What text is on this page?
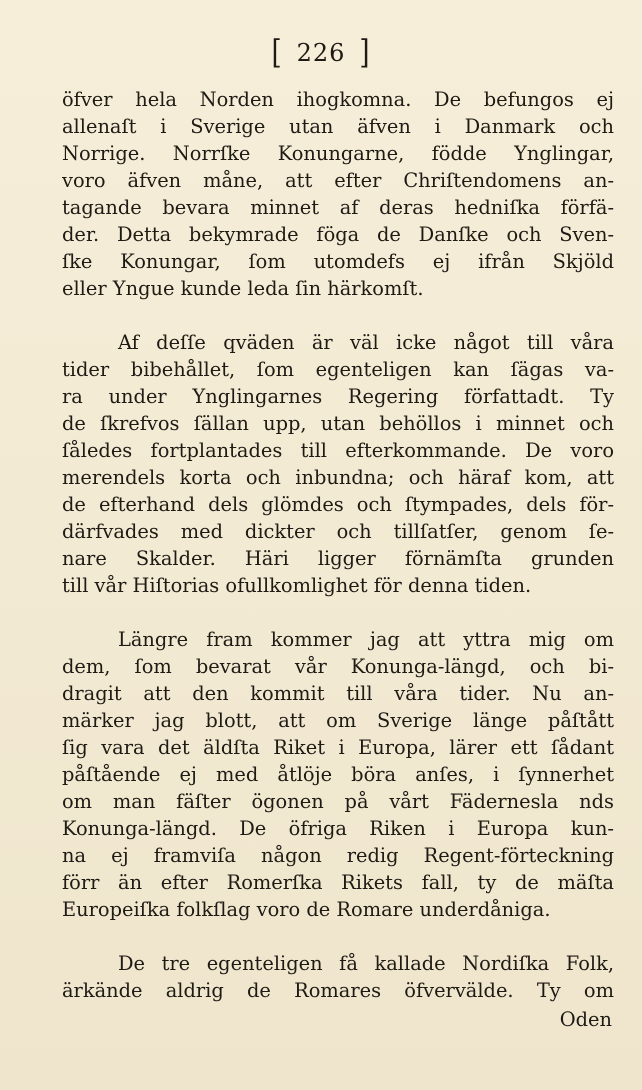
[ 226 ]
öfver hela Norden ihogkomna. De befungos ej
allenaſt i Sverige utan äfven i Danmark och
Norrige. Norrſke Konungarne, födde Ynglingar,
voro äfven måne, att efter Chriſtendomens an-
tagande bevara minnet af deras hedniſka förfä-
der. Detta bekymrade föga de Danſke och Sven-
ſke Konungar, ſom utomdefs ej ifrån Skjöld
eller Yngue kunde leda ſin härkomſt.
Af deſſe qväden är väl icke något till våra
tider bibehållet, ſom egenteligen kan ſägas va-
ra under Ynglingarnes Regering författadt. Ty
de ſkrefvos ſällan upp, utan behöllos i minnet och
ſåledes fortplantades till efterkommande. De voro
merendels korta och inbundna; och häraf kom, att
de efterhand dels glömdes och ſtympades, dels för-
därfvades med dickter och tillſatſer, genom ſe-
nare Skalder. Häri ligger förnämſta grunden
till vår Hiſtorias ofullkomlighet för denna tiden.
Längre fram kommer jag att yttra mig om
dem, ſom bevarat vår Konunga-längd, och bi-
dragit att den kommit till våra tider. Nu an-
märker jag blott, att om Sverige länge påſtått
ſig vara det äldſta Riket i Europa, lärer ett ſådant
påſtående ej med åtlöje böra anſes, i ſynnerhet
om man fäſter ögonen på vårt Fädernesla nds
Konunga-längd. De öfriga Riken i Europa kun-
na ej framviſa någon redig Regent-förteckning
förr än efter Romerſka Rikets fall, ty de mäſta
Europeiſka folkſlag voro de Romare underdåniga.
De tre egenteligen få kallade Nordiſka Folk,
ärkände aldrig de Romares öfvervälde. Ty om
Oden
